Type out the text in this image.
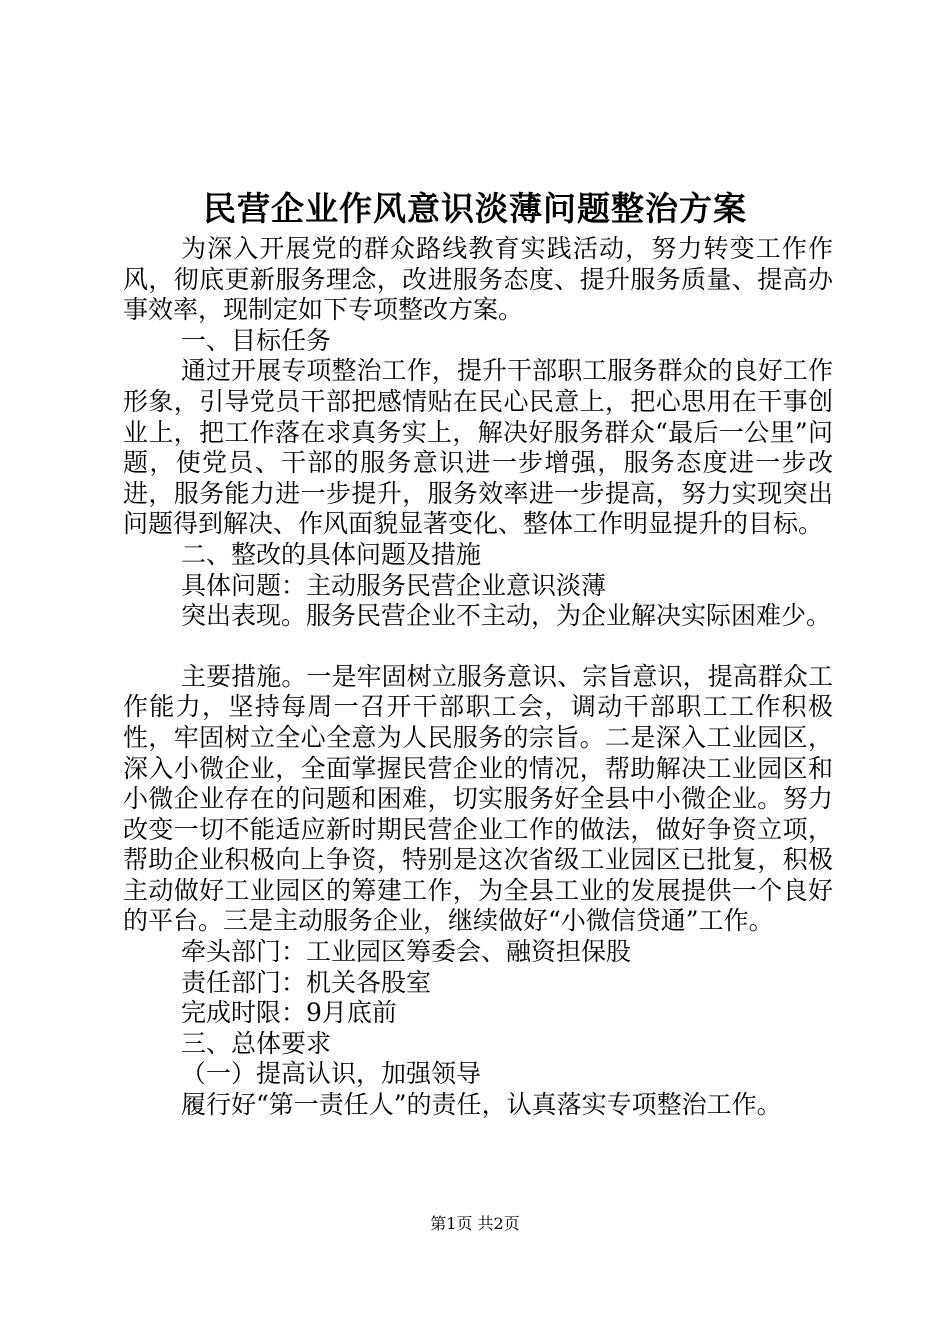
民营企业作风意识淡薄问题整治方案

为深入开展党的群众路线教育实践活动，努力转变工作作风，彻底更新服务理念，改进服务态度、提升服务质量、提高办事效率，现制定如下专项整改方案。

一、目标任务

通过开展专项整治工作，提升干部职工服务群众的良好工作形象，引导党员干部把感情贴在民心民意上，把心思用在干事创业上，把工作落在求真务实上，解决好服务群众“最后一公里”问题，使党员、干部的服务意识进一步增强，服务态度进一步改进，服务能力进一步提升，服务效率进一步提高，努力实现突出问题得到解决、作风面貌显著变化、整体工作明显提升的目标。

二、整改的具体问题及措施

具体问题：主动服务民营企业意识淡薄

突出表现。服务民营企业不主动，为企业解决实际困难少。

主要措施。一是牢固树立服务意识、宗旨意识，提高群众工作能力，坚持每周一召开干部职工会，调动干部职工工作积极性，牢固树立全心全意为人民服务的宗旨。二是深入工业园区，深入小微企业，全面掌握民营企业的情况，帮助解决工业园区和小微企业存在的问题和困难，切实服务好全县中小微企业。努力改变一切不能适应新时期民营企业工作的做法，做好争资立项，帮助企业积极向上争资，特别是这次省级工业园区已批复，积极主动做好工业园区的筹建工作，为全县工业的发展提供一个良好的平台。三是主动服务企业，继续做好“小微信贷通”工作。

牵头部门：工业园区筹委会、融资担保股

责任部门：机关各股室

完成时限：9月底前

三、总体要求

（一）提高认识，加强领导

履行好“第一责任人”的责任，认真落实专项整治工作。

第1页 共2页
